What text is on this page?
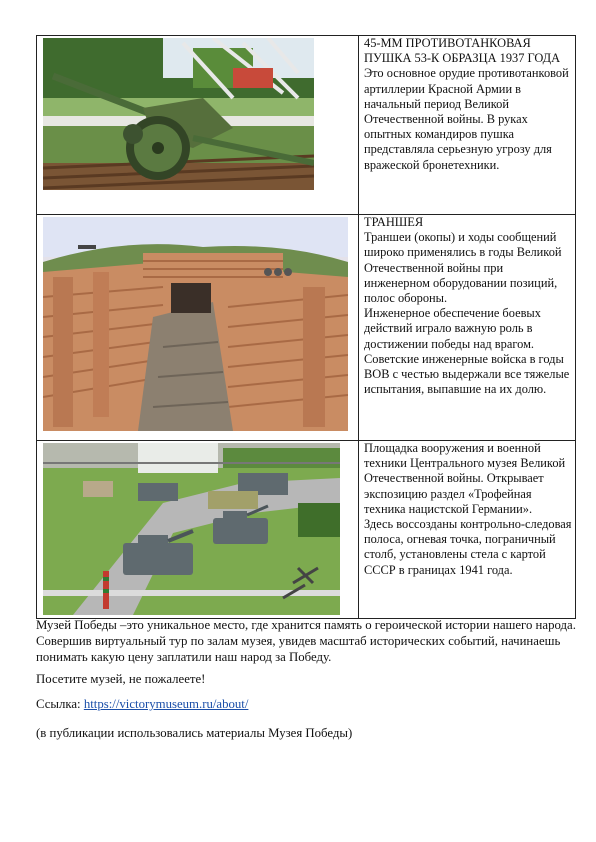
45-ММ ПРОТИВОТАНКОВАЯ ПУШКА 53-К ОБРАЗЦА 1937 ГОДА
Это основное орудие противотанковой артиллерии Красной Армии в начальный период Великой Отечественной войны. В руках опытных командиров пушка представляла серьезную угрозу для вражеской бронетехники.

ТРАНШЕЯ
Траншеи (окопы) и ходы сообщений широко применялись в годы Великой Отечественной войны при инженерном оборудовании позиций, полос обороны.
Инженерное обеспечение боевых действий играло важную роль в достижении победы над врагом. Советские инженерные войска в годы ВОВ с честью выдержали все тяжелые испытания, выпавшие на их долю.

Площадка вооружения и военной техники Центрального музея Великой Отечественной войны. Открывает экспозицию раздел «Трофейная техника нацистской Германии».
Здесь воссозданы контрольно-следовая полоса, огневая точка, пограничный столб, установлены стела с картой СССР в границах 1941 года.

Музей Победы –это уникальное место, где хранится память о героической истории нашего народа. Совершив виртуальный тур по залам музея, увидев масштаб исторических событий, начинаешь понимать какую цену заплатили наш народ за Победу.

Посетите музей, не пожалеете!

Ссылка: https://victorymuseum.ru/about/

(в публикации использовались материалы Музея Победы)
